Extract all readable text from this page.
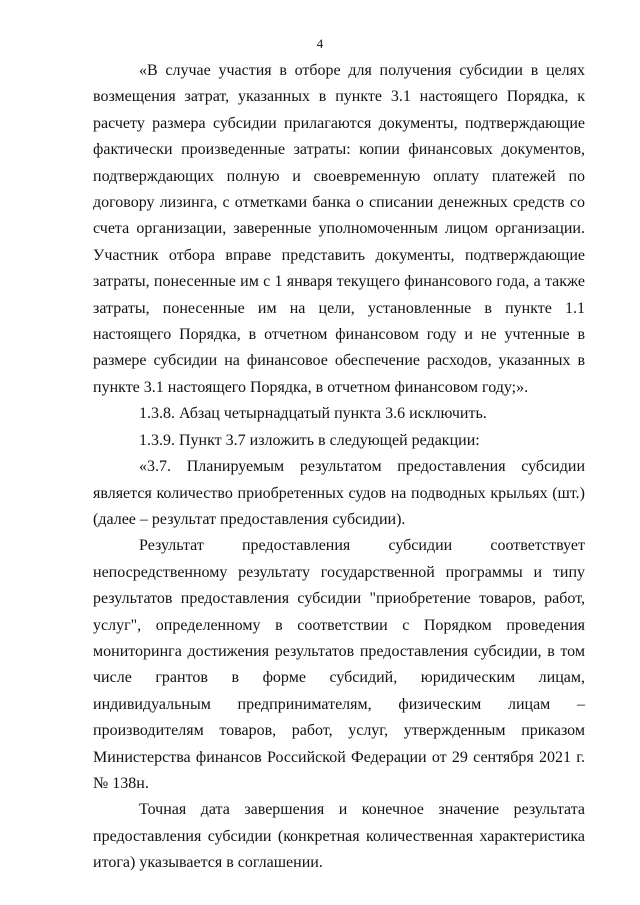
4

«В случае участия в отборе для получения субсидии в целях возмещения затрат, указанных в пункте 3.1 настоящего Порядка, к расчету размера субсидии прилагаются документы, подтверждающие фактически произведенные затраты: копии финансовых документов, подтверждающих полную и своевременную оплату платежей по договору лизинга, с отметками банка о списании денежных средств со счета организации, заверенные уполномоченным лицом организации. Участник отбора вправе представить документы, подтверждающие затраты, понесенные им с 1 января текущего финансового года, а также затраты, понесенные им на цели, установленные в пункте 1.1 настоящего Порядка, в отчетном финансовом году и не учтенные в размере субсидии на финансовое обеспечение расходов, указанных в пункте 3.1 настоящего Порядка, в отчетном финансовом году;».

1.3.8. Абзац четырнадцатый пункта 3.6 исключить.

1.3.9. Пункт 3.7 изложить в следующей редакции:

«3.7. Планируемым результатом предоставления субсидии является количество приобретенных судов на подводных крыльях (шт.) (далее – результат предоставления субсидии).

Результат предоставления субсидии соответствует непосредственному результату государственной программы и типу результатов предоставления субсидии "приобретение товаров, работ, услуг", определенному в соответствии с Порядком проведения мониторинга достижения результатов предоставления субсидии, в том числе грантов в форме субсидий, юридическим лицам, индивидуальным предпринимателям, физическим лицам – производителям товаров, работ, услуг, утвержденным приказом Министерства финансов Российской Федерации от 29 сентября 2021 г. № 138н.

Точная дата завершения и конечное значение результата предоставления субсидии (конкретная количественная характеристика итога) указывается в соглашении.
